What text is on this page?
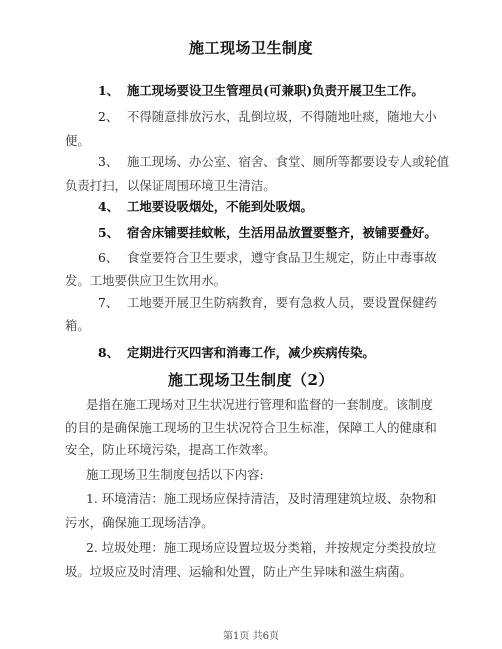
施工现场卫生制度
1、 施工现场要设卫生管理员(可兼职)负责开展卫生工作。
2、 不得随意排放污水，乱倒垃圾，不得随地吐痰，随地大小
便。
3、 施工现场、办公室、宿舍、食堂、厕所等都要设专人或轮值
负责打扫，以保证周围环境卫生清洁。
4、 工地要设吸烟处，不能到处吸烟。
5、 宿舍床铺要挂蚊帐，生活用品放置要整齐，被铺要叠好。
6、 食堂要符合卫生要求，遵守食品卫生规定，防止中毒事故
发。工地要供应卫生饮用水。
7、 工地要开展卫生防病教育，要有急救人员，要设置保健药
箱。
8、 定期进行灭四害和消毒工作，减少疾病传染。
施工现场卫生制度（2）
是指在施工现场对卫生状况进行管理和监督的一套制度。该制度
的目的是确保施工现场的卫生状况符合卫生标准，保障工人的健康和
安全，防止环境污染，提高工作效率。
施工现场卫生制度包括以下内容:
1. 环境清洁：施工现场应保持清洁，及时清理建筑垃圾、杂物和
污水，确保施工现场洁净。
2. 垃圾处理：施工现场应设置垃圾分类箱，并按规定分类投放垃
圾。垃圾应及时清理、运输和处置，防止产生异味和滋生病菌。
第1页 共6页
